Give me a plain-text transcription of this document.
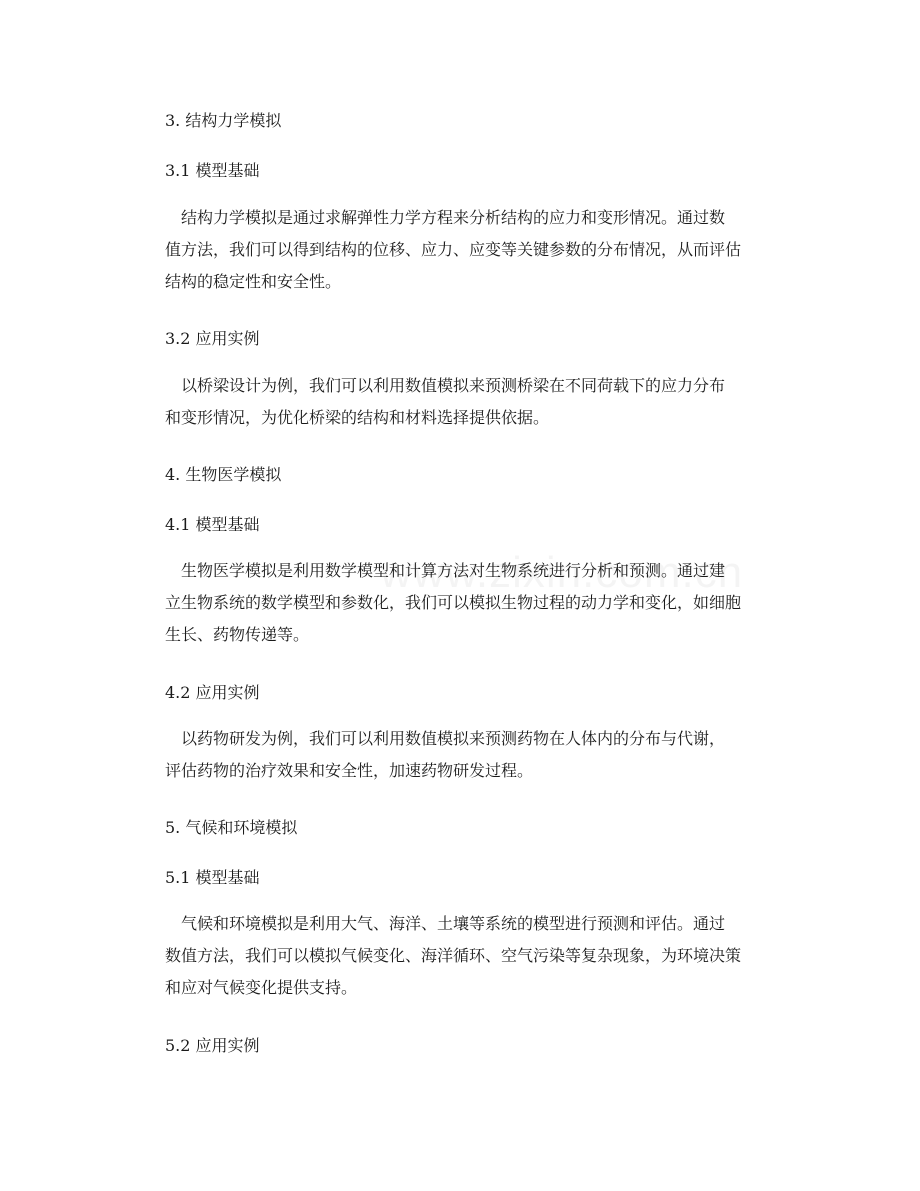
3. 结构力学模拟
3.1 模型基础

结构力学模拟是通过求解弹性力学方程来分析结构的应力和变形情况。通过数
值方法，我们可以得到结构的位移、应力、应变等关键参数的分布情况，从而评估
结构的稳定性和安全性。

3.2 应用实例

以桥梁设计为例，我们可以利用数值模拟来预测桥梁在不同荷载下的应力分布
和变形情况，为优化桥梁的结构和材料选择提供依据。

4. 生物医学模拟
4.1 模型基础

生物医学模拟是利用数学模型和计算方法对生物系统进行分析和预测。通过建
立生物系统的数学模型和参数化，我们可以模拟生物过程的动力学和变化，如细胞
生长、药物传递等。

4.2 应用实例

以药物研发为例，我们可以利用数值模拟来预测药物在人体内的分布与代谢，
评估药物的治疗效果和安全性，加速药物研发过程。

5. 气候和环境模拟
5.1 模型基础

气候和环境模拟是利用大气、海洋、土壤等系统的模型进行预测和评估。通过
数值方法，我们可以模拟气候变化、海洋循环、空气污染等复杂现象，为环境决策
和应对气候变化提供支持。

5.2 应用实例
